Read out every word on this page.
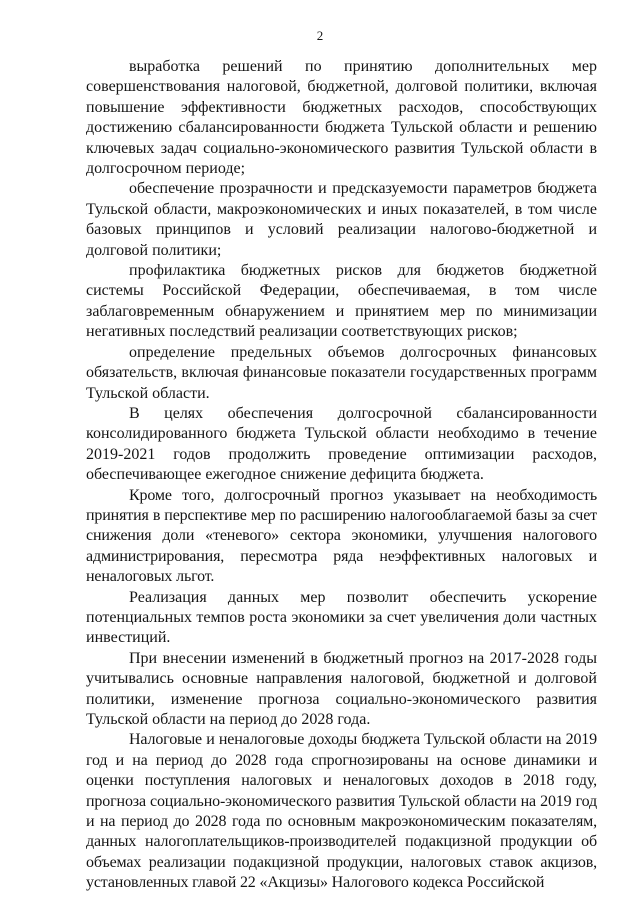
2

выработка решений по принятию дополнительных мер совершенствования налоговой, бюджетной, долговой политики, включая повышение эффективности бюджетных расходов, способствующих достижению сбалансированности бюджета Тульской области и решению ключевых задач социально-экономического развития Тульской области в долгосрочном периоде;

обеспечение прозрачности и предсказуемости параметров бюджета Тульской области, макроэкономических и иных показателей, в том числе базовых принципов и условий реализации налогово-бюджетной и долговой политики;

профилактика бюджетных рисков для бюджетов бюджетной системы Российской Федерации, обеспечиваемая, в том числе заблаговременным обнаружением и принятием мер по минимизации негативных последствий реализации соответствующих рисков;

определение предельных объемов долгосрочных финансовых обязательств, включая финансовые показатели государственных программ Тульской области.

В целях обеспечения долгосрочной сбалансированности консолидированного бюджета Тульской области необходимо в течение 2019-2021 годов продолжить проведение оптимизации расходов, обеспечивающее ежегодное снижение дефицита бюджета.

Кроме того, долгосрочный прогноз указывает на необходимость принятия в перспективе мер по расширению налогооблагаемой базы за счет снижения доли «теневого» сектора экономики, улучшения налогового администрирования, пересмотра ряда неэффективных налоговых и неналоговых льгот.

Реализация данных мер позволит обеспечить ускорение потенциальных темпов роста экономики за счет увеличения доли частных инвестиций.

При внесении изменений в бюджетный прогноз на 2017-2028 годы учитывались основные направления налоговой, бюджетной и долговой политики, изменение прогноза социально-экономического развития Тульской области на период до 2028 года.

Налоговые и неналоговые доходы бюджета Тульской области на 2019 год и на период до 2028 года спрогнозированы на основе динамики и оценки поступления налоговых и неналоговых доходов в 2018 году, прогноза социально-экономического развития Тульской области на 2019 год и на период до 2028 года по основным макроэкономическим показателям, данных налогоплательщиков-производителей подакцизной продукции об объемах реализации подакцизной продукции, налоговых ставок акцизов, установленных главой 22 «Акцизы» Налогового кодекса Российской
